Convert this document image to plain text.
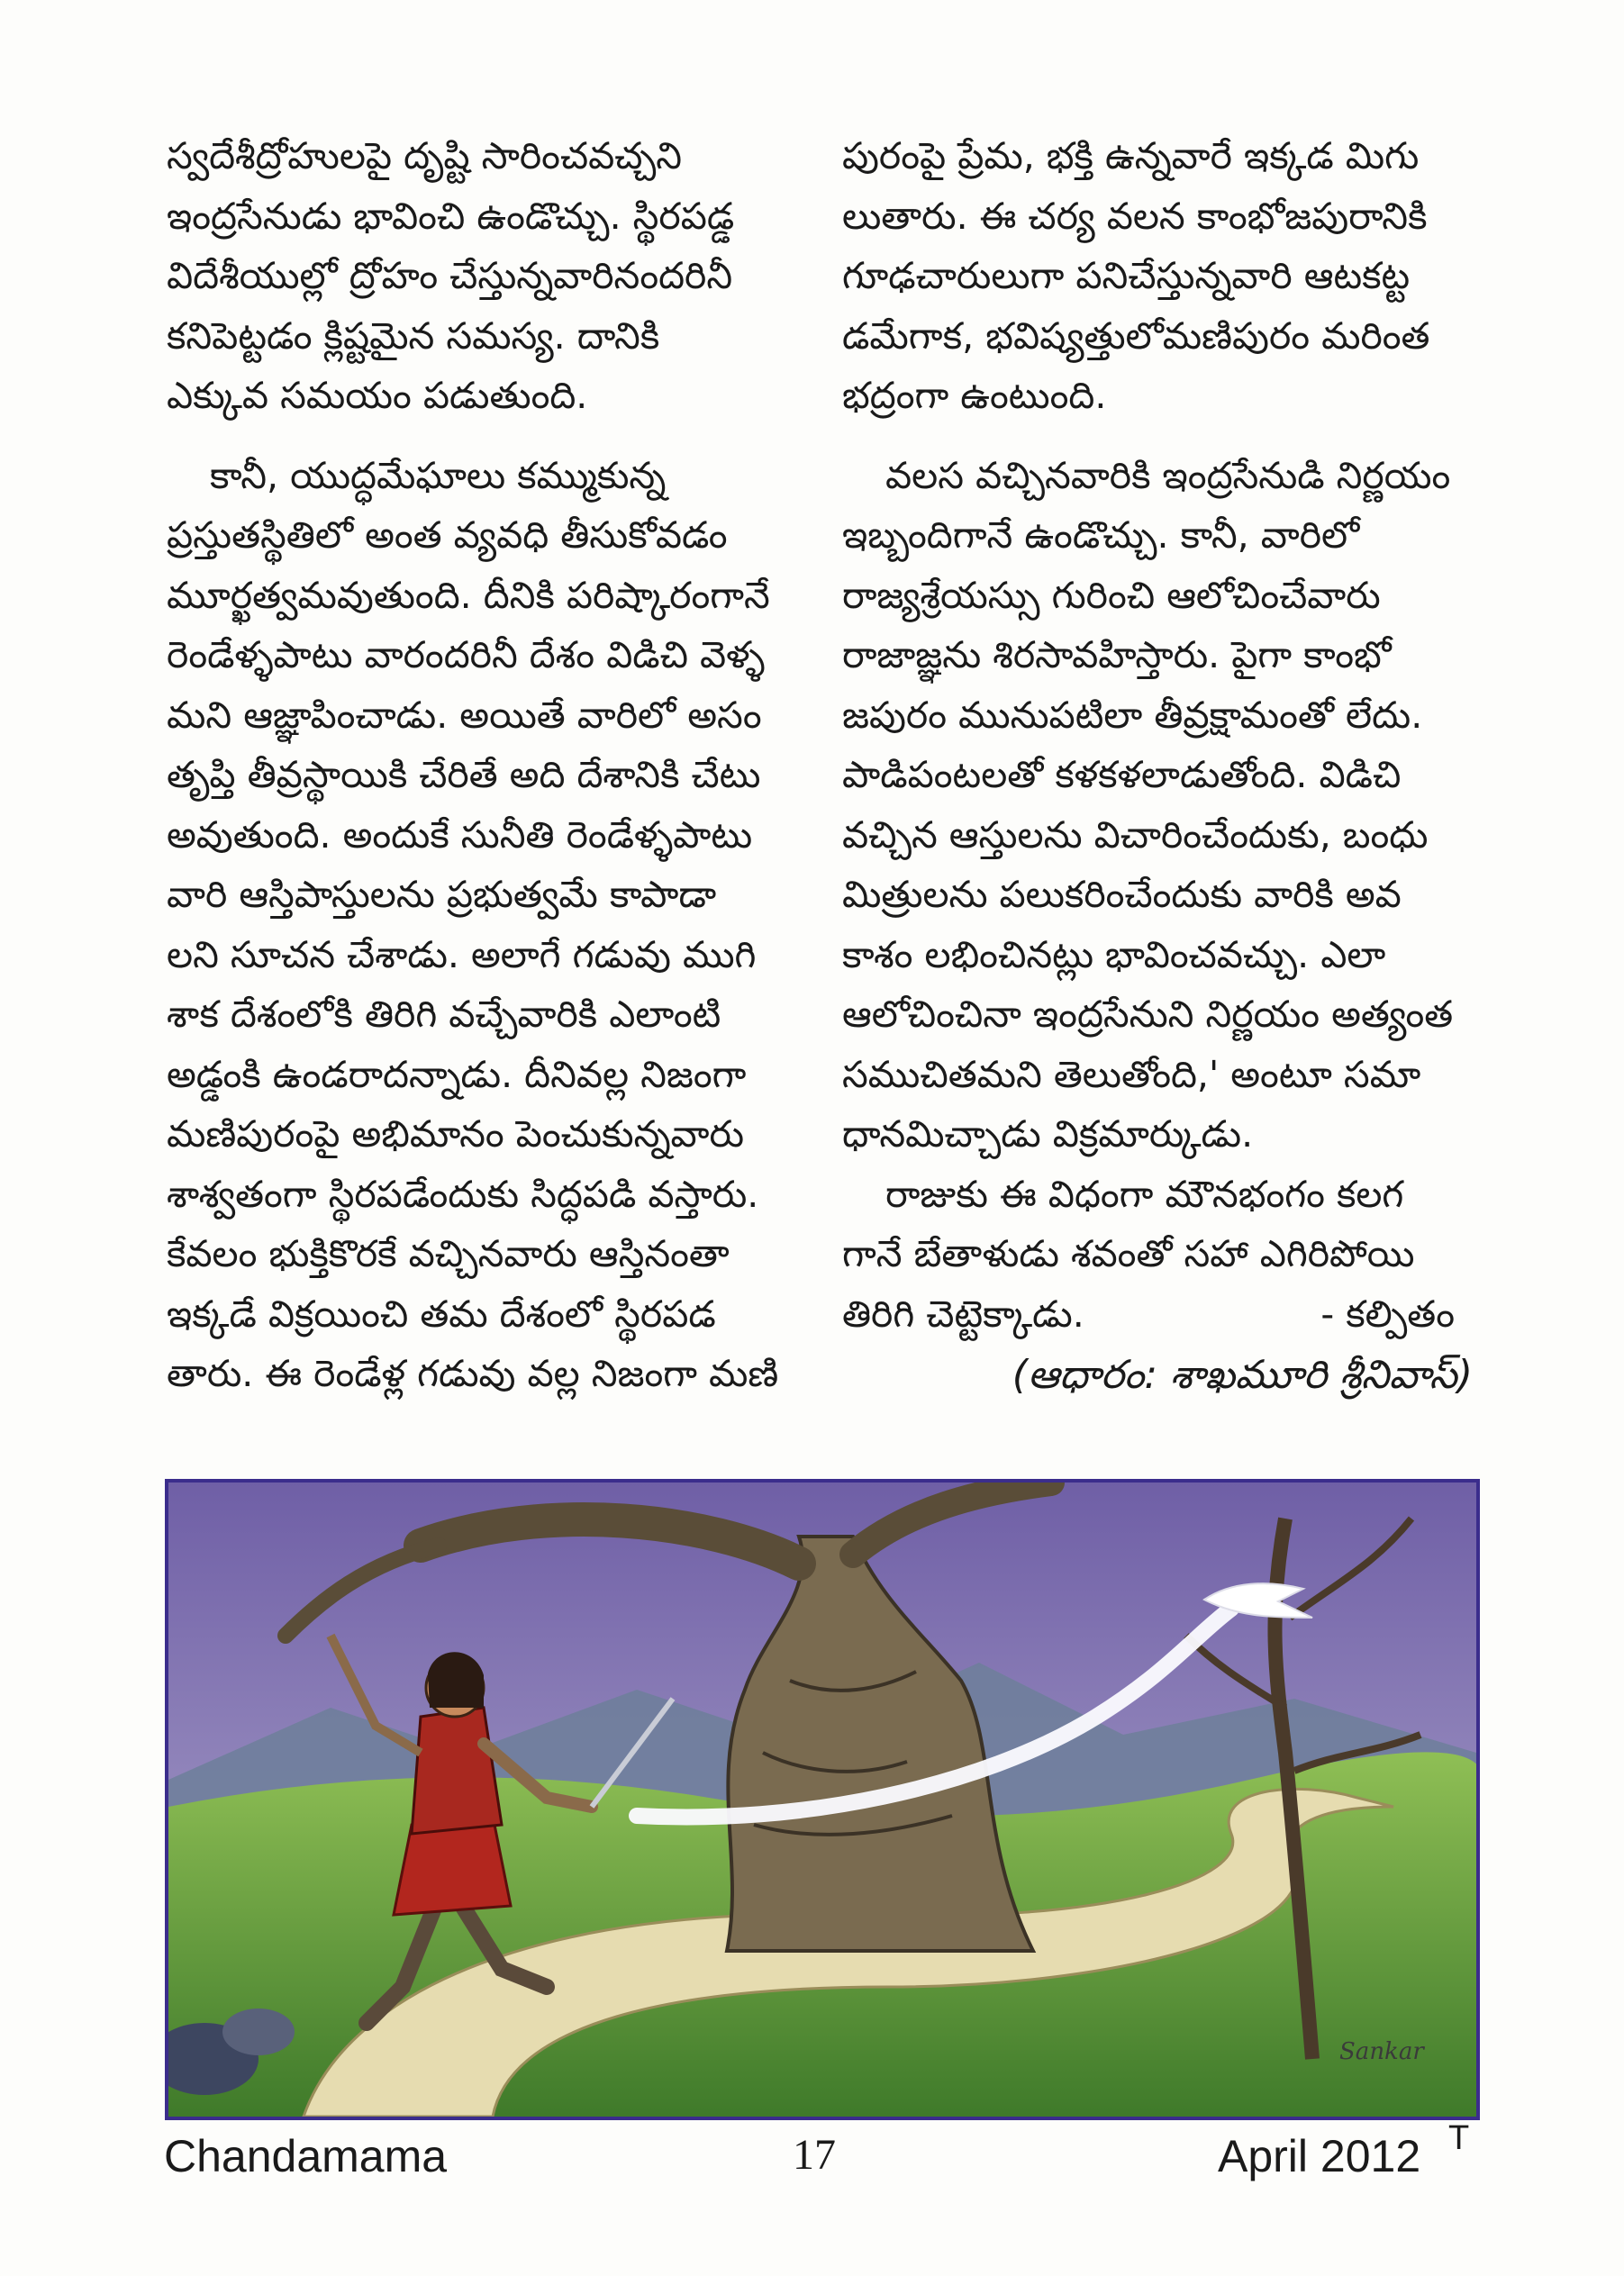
స్వదేశీద్రోహులపై దృష్టి సారించవచ్చని
ఇంద్రసేనుడు భావించి ఉండొచ్చు. స్థిరపడ్డ
విదేశీయుల్లో ద్రోహం చేస్తున్నవారినందరినీ
కనిపెట్టడం క్లిష్టమైన సమస్య. దానికి
ఎక్కువ సమయం పడుతుంది.
కానీ, యుద్ధమేఘాలు కమ్ముకున్న
ప్రస్తుతస్థితిలో అంత వ్యవధి తీసుకోవడం
మూర్ఖత్వమవుతుంది. దీనికి పరిష్కారంగానే
రెండేళ్ళపాటు వారందరినీ దేశం విడిచి వెళ్ళ
మని ఆజ్ఞాపించాడు. అయితే వారిలో అసం
తృప్తి తీవ్రస్థాయికి చేరితే అది దేశానికి చేటు
అవుతుంది. అందుకే సునీతి రెండేళ్ళపాటు
వారి ఆస్తిపాస్తులను ప్రభుత్వమే కాపాడా
లని సూచన చేశాడు. అలాగే గడువు ముగి
శాక దేశంలోకి తిరిగి వచ్చేవారికి ఎలాంటి
అడ్డంకి ఉండరాదన్నాడు. దీనివల్ల నిజంగా
మణిపురంపై అభిమానం పెంచుకున్నవారు
శాశ్వతంగా స్థిరపడేందుకు సిద్ధపడి వస్తారు.
కేవలం భుక్తికొరకే వచ్చినవారు ఆస్తినంతా
ఇక్కడే విక్రయించి తమ దేశంలో స్థిరపడ
తారు. ఈ రెండేళ్ల గడువు వల్ల నిజంగా మణి
పురంపై ప్రేమ, భక్తి ఉన్నవారే ఇక్కడ మిగు
లుతారు. ఈ చర్య వలన కాంభోజపురానికి
గూఢచారులుగా పనిచేస్తున్నవారి ఆటకట్ట
డమేగాక, భవిష్యత్తులోమణిపురం మరింత
భద్రంగా ఉంటుంది.
వలస వచ్చినవారికి ఇంద్రసేనుడి నిర్ణయం
ఇబ్బందిగానే ఉండొచ్చు. కానీ, వారిలో
రాజ్యశ్రేయస్సు గురించి ఆలోచించేవారు
రాజాజ్ఞను శిరసావహిస్తారు. పైగా కాంభో
జపురం మునుపటిలా తీవ్రక్షామంతో లేదు.
పాడిపంటలతో కళకళలాడుతోంది. విడిచి
వచ్చిన ఆస్తులను విచారించేందుకు, బంధు
మిత్రులను పలుకరించేందుకు వారికి అవ
కాశం లభించినట్లు భావించవచ్చు. ఎలా
ఆలోచించినా ఇంద్రసేనుని నిర్ణయం అత్యంత
సముచితమని తెలుతోంది,' అంటూ సమా
ధానమిచ్చాడు విక్రమార్కుడు.
రాజుకు ఈ విధంగా మౌనభంగం కలగ
గానే బేతాళుడు శవంతో సహా ఎగిరిపోయి
తిరిగి చెట్టెక్కాడు.	- కల్పితం
(ఆధారం: శాఖమూరి శ్రీనివాస్)
Sankar
Chandamama	17	April 2012 T
